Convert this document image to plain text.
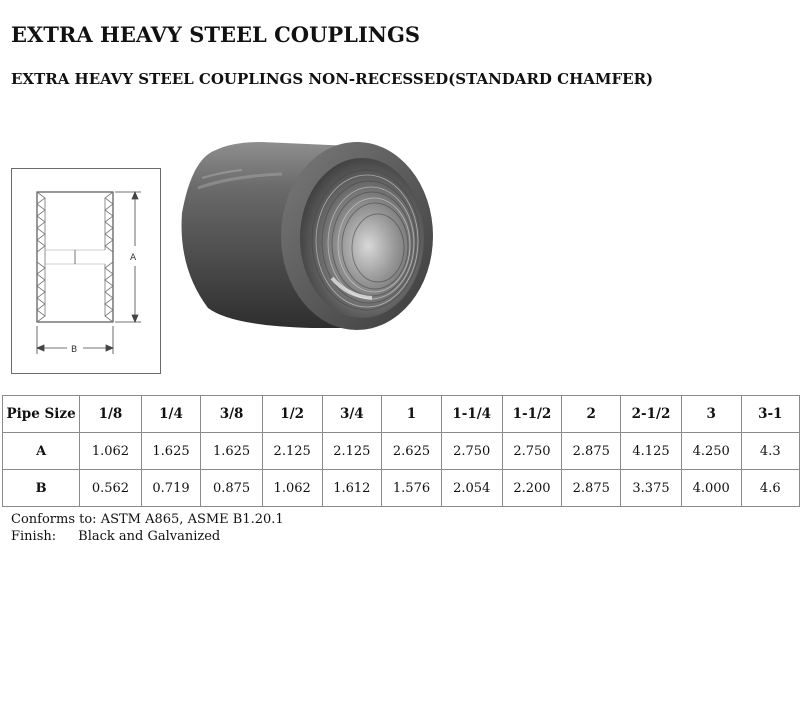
EXTRA HEAVY STEEL COUPLINGS
EXTRA HEAVY STEEL COUPLINGS NON-RECESSED(STANDARD CHAMFER)
A
B
Pipe Size	1/8	1/4	3/8	1/2	3/4	1	1-1/4	1-1/2	2	2-1/2	3	3-1
A	1.062	1.625	1.625	2.125	2.125	2.625	2.750	2.750	2.875	4.125	4.250	4.3
B	0.562	0.719	0.875	1.062	1.612	1.576	2.054	2.200	2.875	3.375	4.000	4.6
Conforms to: ASTM A865, ASME B1.20.1
Finish: Black and Galvanized
